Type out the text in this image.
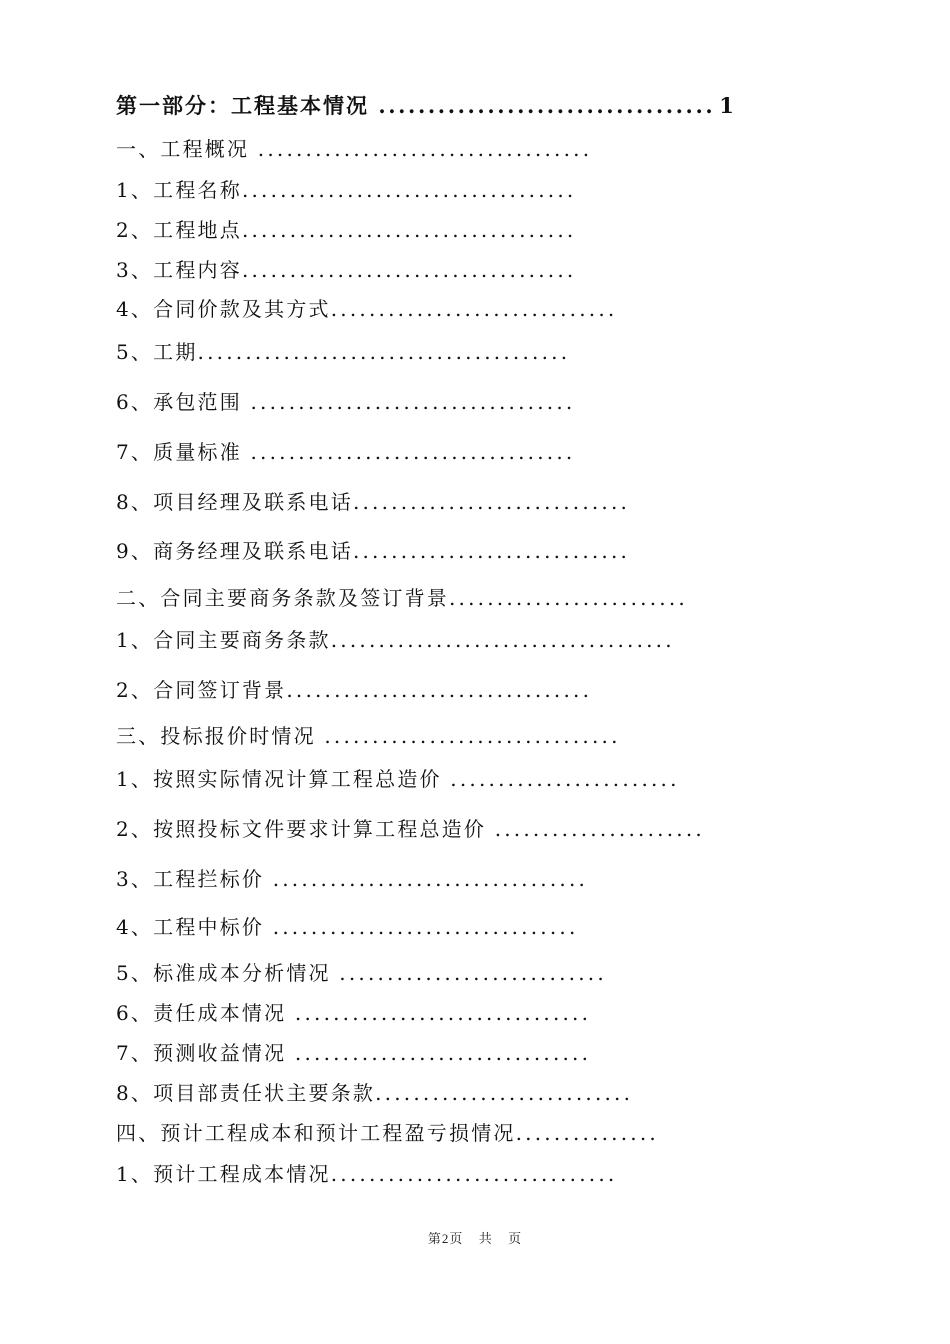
第一部分：工程基本情况 .................................. 1
一、工程概况 ...................................
1、工程名称...................................
2、工程地点...................................
3、工程内容...................................
4、合同价款及其方式..............................
5、工期.......................................
6、承包范围 ..................................
7、质量标准 ..................................
8、项目经理及联系电话.............................
9、商务经理及联系电话.............................
二、合同主要商务条款及签订背景.........................
1、合同主要商务条款....................................
2、合同签订背景................................
三、投标报价时情况 ...............................
1、按照实际情况计算工程总造价 ........................
2、按照投标文件要求计算工程总造价 ......................
3、工程拦标价 .................................
4、工程中标价 ................................
5、标准成本分析情况 ............................
6、责任成本情况 ...............................
7、预测收益情况 ...............................
8、项目部责任状主要条款...........................
四、预计工程成本和预计工程盈亏损情况...............
1、预计工程成本情况..............................
第2页   共   页
